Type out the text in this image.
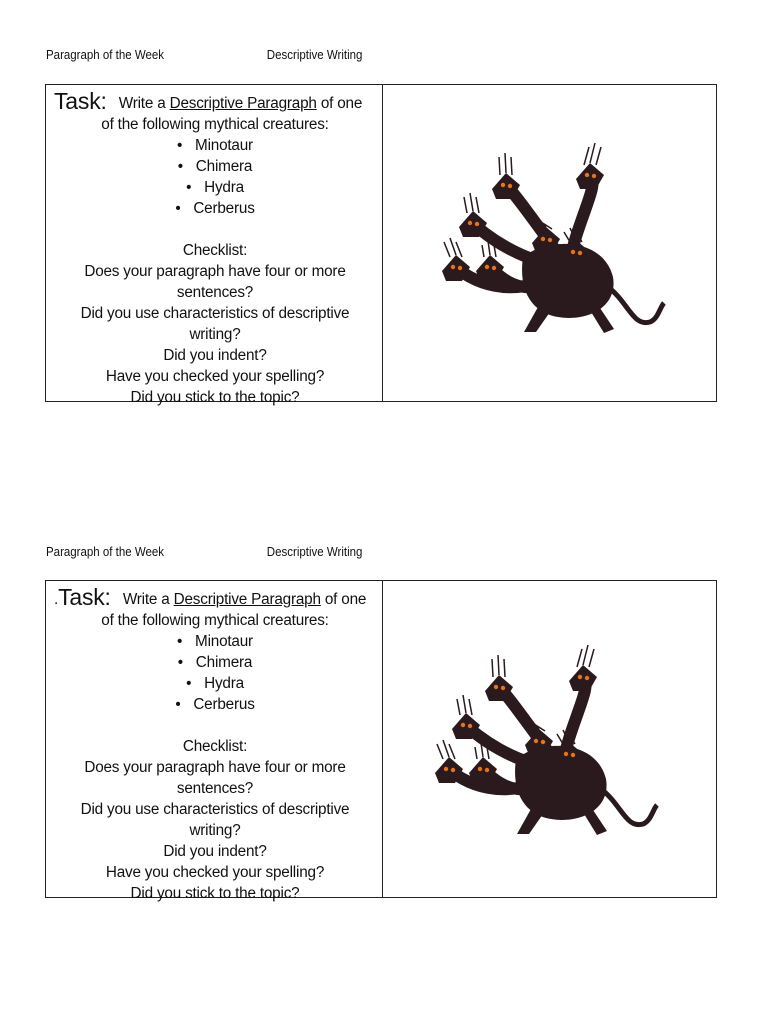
Paragraph of the Week	Descriptive Writing
Task: Write a Descriptive Paragraph of one
of the following mythical creatures:
• Minotaur
• Chimera
• Hydra
• Cerberus
Checklist:
Does your paragraph have four or more
sentences?
Did you use characteristics of descriptive writing?
Did you indent?
Have you checked your spelling?
Did you stick to the topic?
Paragraph of the Week	Descriptive Writing
.Task: Write a Descriptive Paragraph of one
of the following mythical creatures:
• Minotaur
• Chimera
• Hydra
• Cerberus
Checklist:
Does your paragraph have four or more
sentences?
Did you use characteristics of descriptive writing?
Did you indent?
Have you checked your spelling?
Did you stick to the topic?
